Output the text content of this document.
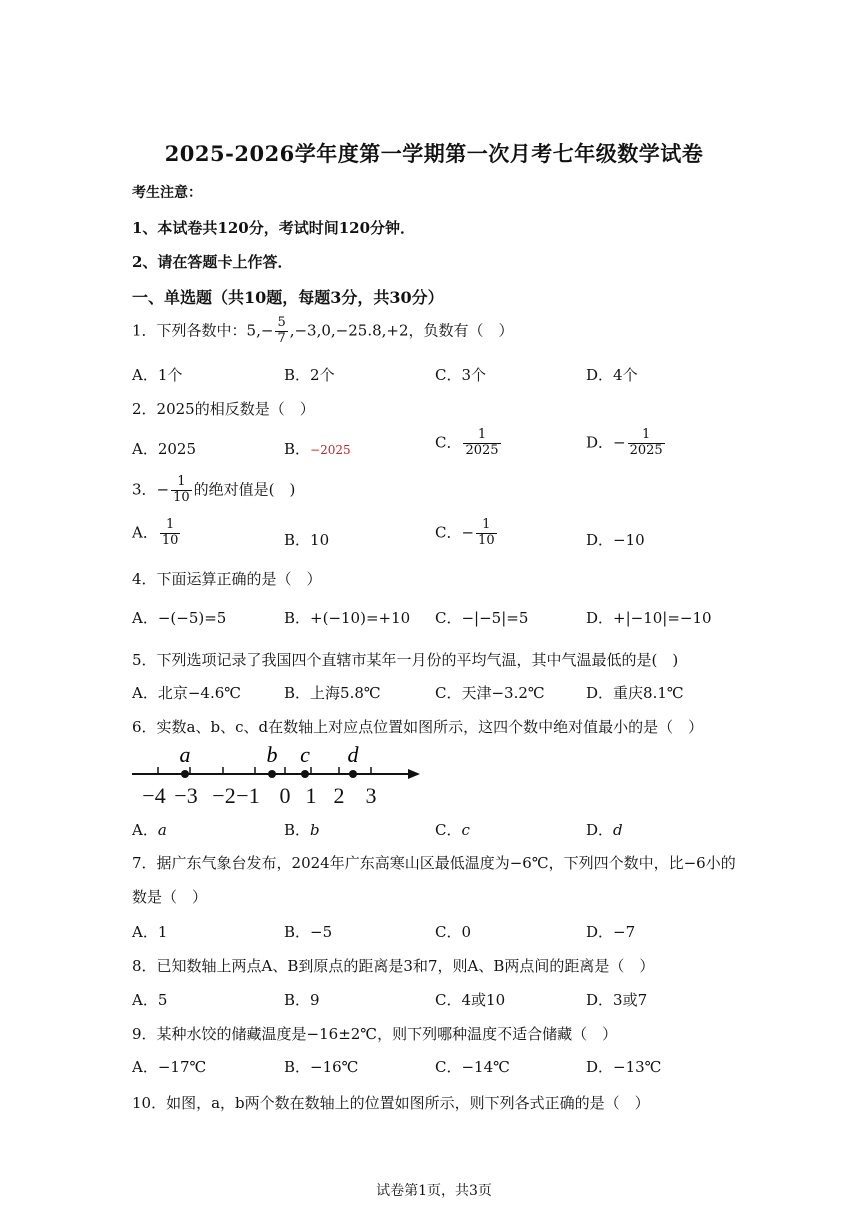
2025-2026学年度第一学期第一次月考七年级数学试卷
考生注意：
1、本试卷共120分，考试时间120分钟．
2、请在答题卡上作答．
一、单选题（共10题，每题3分，共30分）
1．下列各数中：$5,- \frac{5}{7} ,-3,0,-25.8,+2$，负数有（　）
A．1个	B．2个	C．3个	D．4个
2．2025的相反数是（　）
A．2025	B．−2025	C． $\frac{1}{2025}$	D．− $\frac{1}{2025}$
3．− $\frac{1}{10}$ 的绝对值是(　)
A． $\frac{1}{10}$	B．10	C．− $\frac{1}{10}$	D．−10
4．下面运算正确的是（　）
A．−(−5)=5	B．+(−10)=+10 C．−|−5|=5	D．+|−10|=−10
5．下列选项记录了我国四个直辖市某年一月份的平均气温，其中气温最低的是(　)
A．北京−4.6℃	B．上海5.8℃	C．天津−3.2℃	D．重庆8.1℃
6．实数a、b、c、d在数轴上对应点位置如图所示，这四个数中绝对值最小的是（　）
−4 −3 −2 −1 0 1 2 3
a	b c d
A．a	B．b	C．c	D．d
7．据广东气象台发布，2024年广东高寒山区最低温度为−6℃，下列四个数中，比−6小的
数是（　）
A．1	B．−5	C．0	D．−7
8．已知数轴上两点A、B到原点的距离是3和7，则A、B两点间的距离是（　）
A．5	B．9	C．4或10	D．3或7
9．某种水饺的储藏温度是−16±2℃，则下列哪种温度不适合储藏（　）
A．−17℃	B．−16℃	C．−14℃	D．−13℃
10．如图，a，b两个数在数轴上的位置如图所示，则下列各式正确的是（　）
试卷第1页，共3页
